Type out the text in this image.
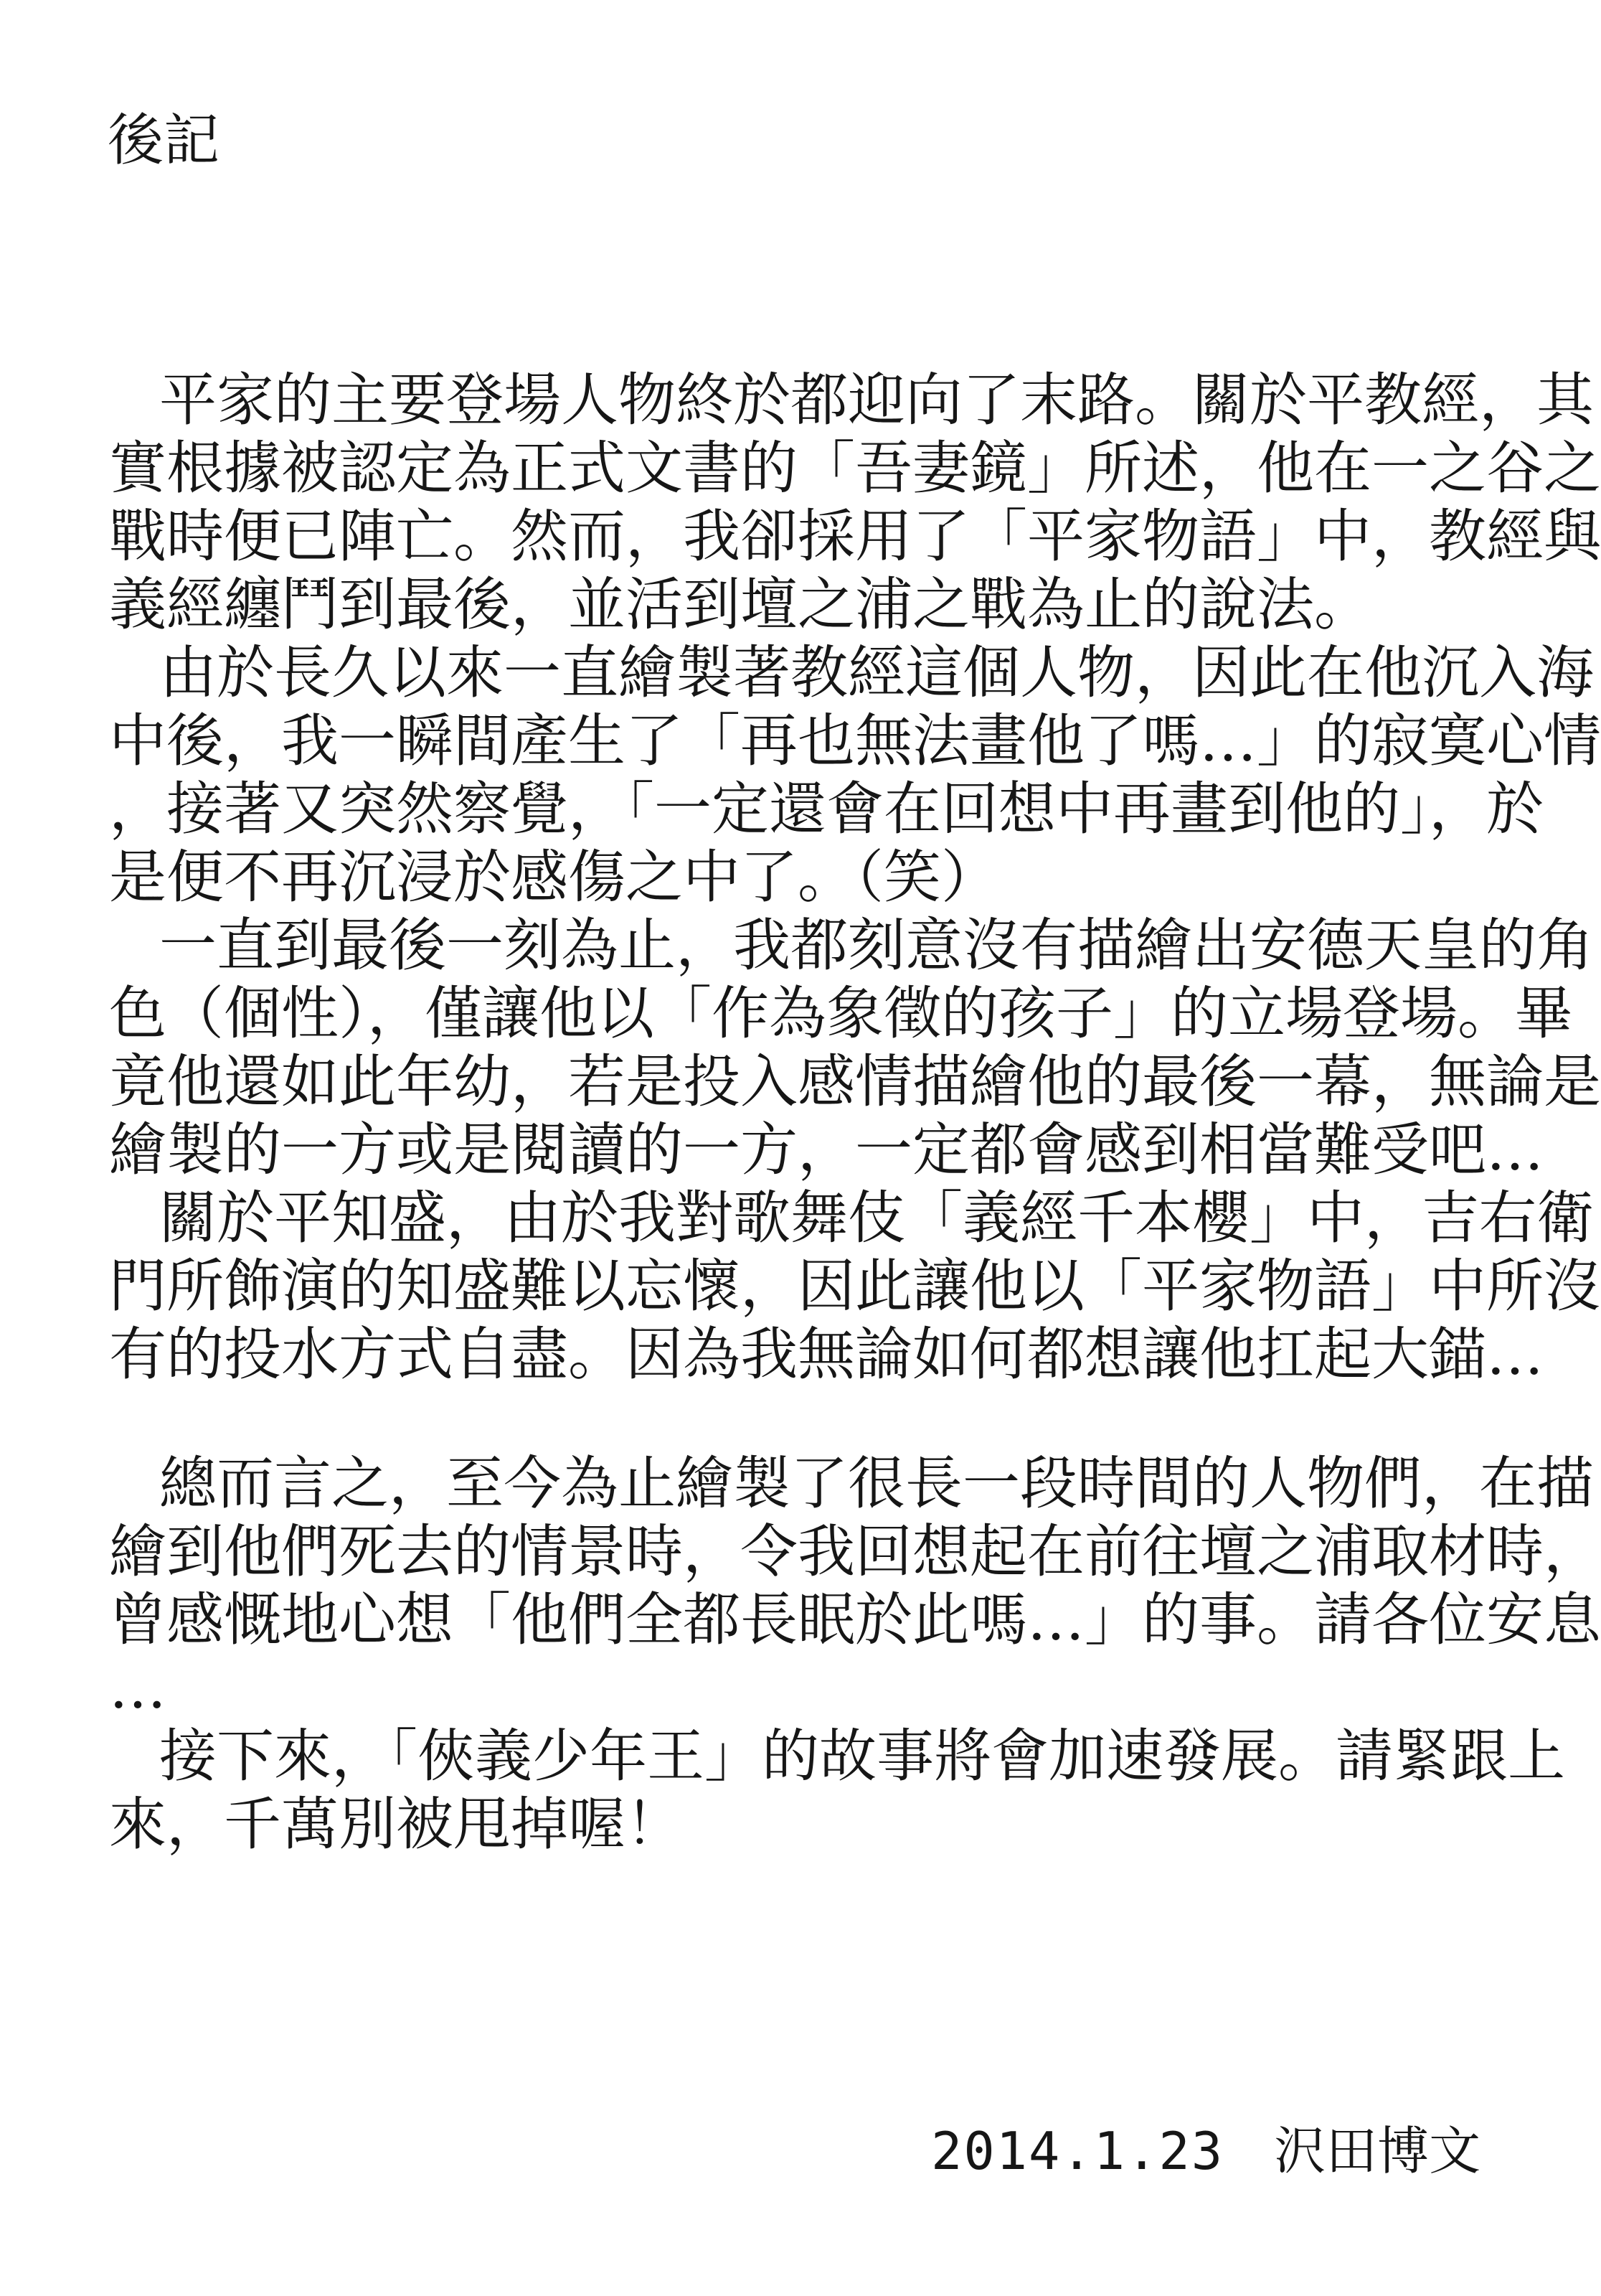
後記
平家的主要登場人物終於都迎向了末路。關於平教經，其
實根據被認定為正式文書的「吾妻鏡」所述，他在一之谷之
戰時便已陣亡。然而，我卻採用了「平家物語」中，教經與
義經纏鬥到最後，並活到壇之浦之戰為止的說法。
由於長久以來一直繪製著教經這個人物，因此在他沉入海
中後，我一瞬間產生了「再也無法畫他了嗎…」的寂寞心情
，接著又突然察覺，「一定還會在回想中再畫到他的」，於
是便不再沉浸於感傷之中了。（笑）
一直到最後一刻為止，我都刻意沒有描繪出安德天皇的角
色（個性），僅讓他以「作為象徵的孩子」的立場登場。畢
竟他還如此年幼，若是投入感情描繪他的最後一幕，無論是
繪製的一方或是閱讀的一方，一定都會感到相當難受吧…
關於平知盛，由於我對歌舞伎「義經千本櫻」中，吉右衛
門所飾演的知盛難以忘懷，因此讓他以「平家物語」中所沒
有的投水方式自盡。因為我無論如何都想讓他扛起大錨…
總而言之，至今為止繪製了很長一段時間的人物們，在描
繪到他們死去的情景時，令我回想起在前往壇之浦取材時，
曾感慨地心想「他們全都長眠於此嗎…」的事。請各位安息
…
接下來，「俠義少年王」的故事將會加速發展。請緊跟上
來，千萬別被甩掉喔！
2014.1.23 沢田博文
